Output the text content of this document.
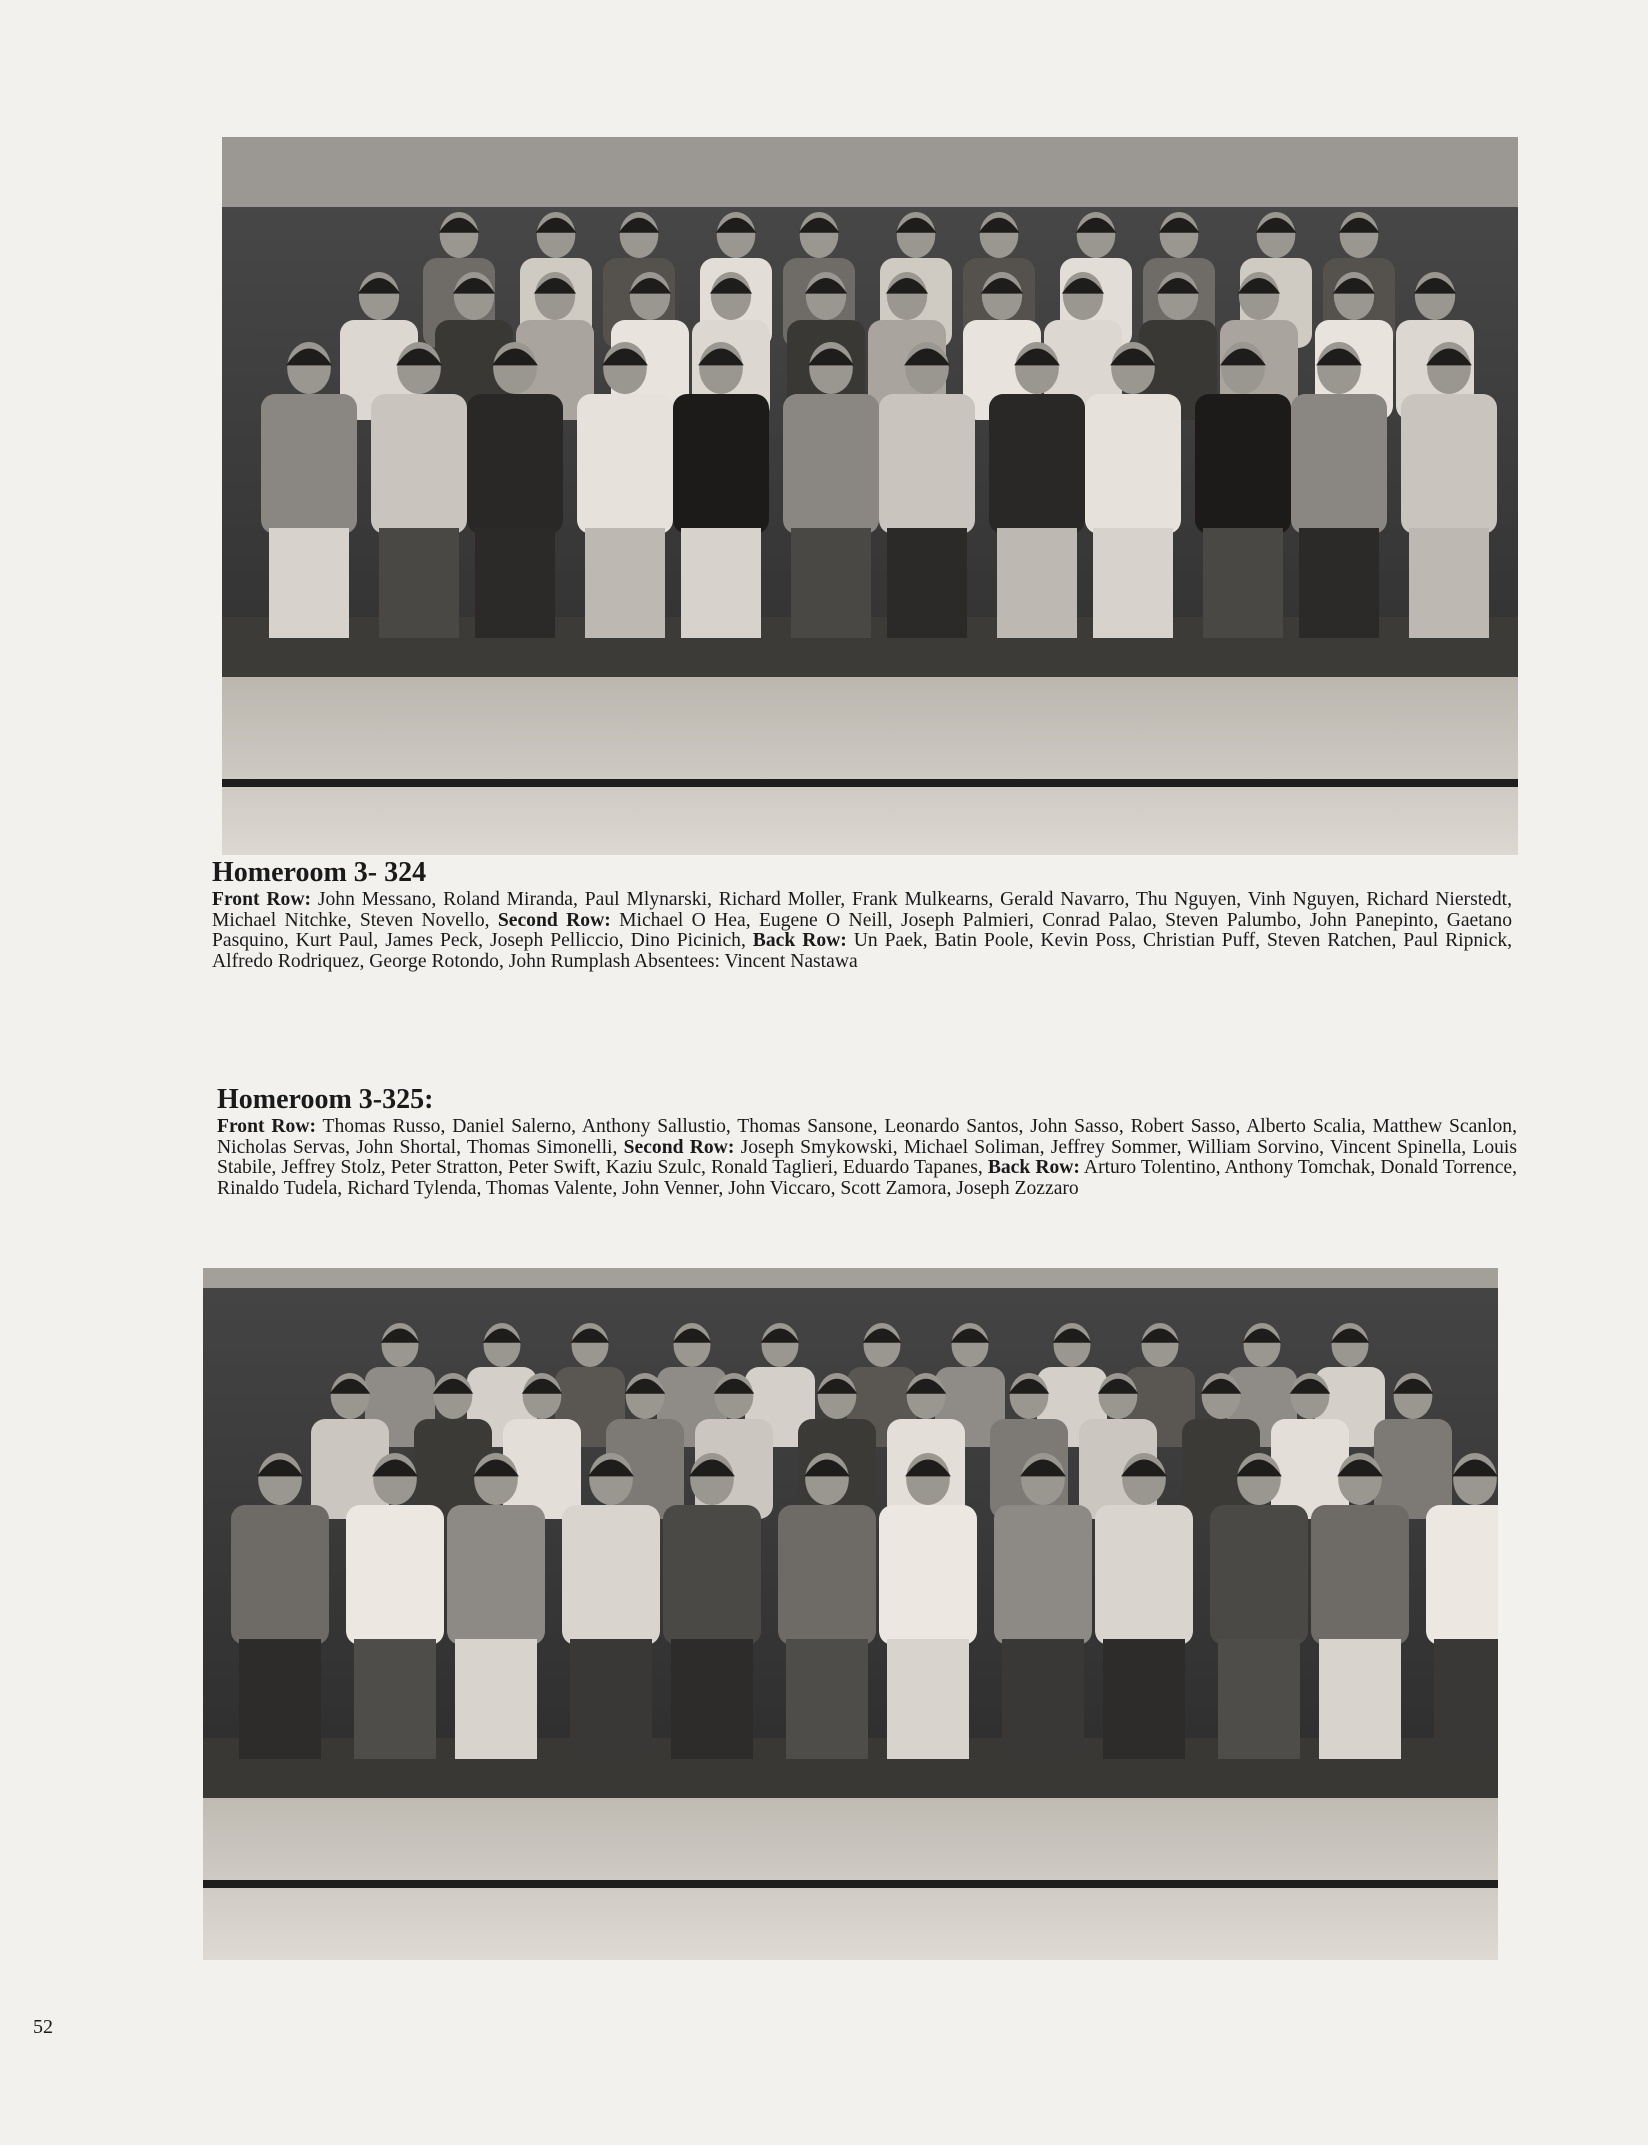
Homeroom 3- 324

Front Row: John Messano, Roland Miranda, Paul Mlynarski, Richard Moller, Frank Mulkearns, Gerald Navarro, Thu Nguyen, Vinh Nguyen, Richard Nierstedt, Michael Nitchke, Steven Novello, Second Row: Michael O Hea, Eugene O Neill, Joseph Palmieri, Conrad Palao, Steven Palumbo, John Panepinto, Gaetano Pasquino, Kurt Paul, James Peck, Joseph Pelliccio, Dino Picinich, Back Row: Un Paek, Batin Poole, Kevin Poss, Christian Puff, Steven Ratchen, Paul Ripnick, Alfredo Rodriquez, George Rotondo, John Rumplash Absentees: Vincent Nastawa

Homeroom 3-325:

Front Row: Thomas Russo, Daniel Salerno, Anthony Sallustio, Thomas Sansone, Leonardo Santos, John Sasso, Robert Sasso, Alberto Scalia, Matthew Scanlon, Nicholas Servas, John Shortal, Thomas Simonelli, Second Row: Joseph Smykowski, Michael Soliman, Jeffrey Sommer, William Sorvino, Vincent Spinella, Louis Stabile, Jeffrey Stolz, Peter Stratton, Peter Swift, Kaziu Szulc, Ronald Taglieri, Eduardo Tapanes, Back Row: Arturo Tolentino, Anthony Tomchak, Donald Torrence, Rinaldo Tudela, Richard Tylenda, Thomas Valente, John Venner, John Viccaro, Scott Zamora, Joseph Zozzaro

52
